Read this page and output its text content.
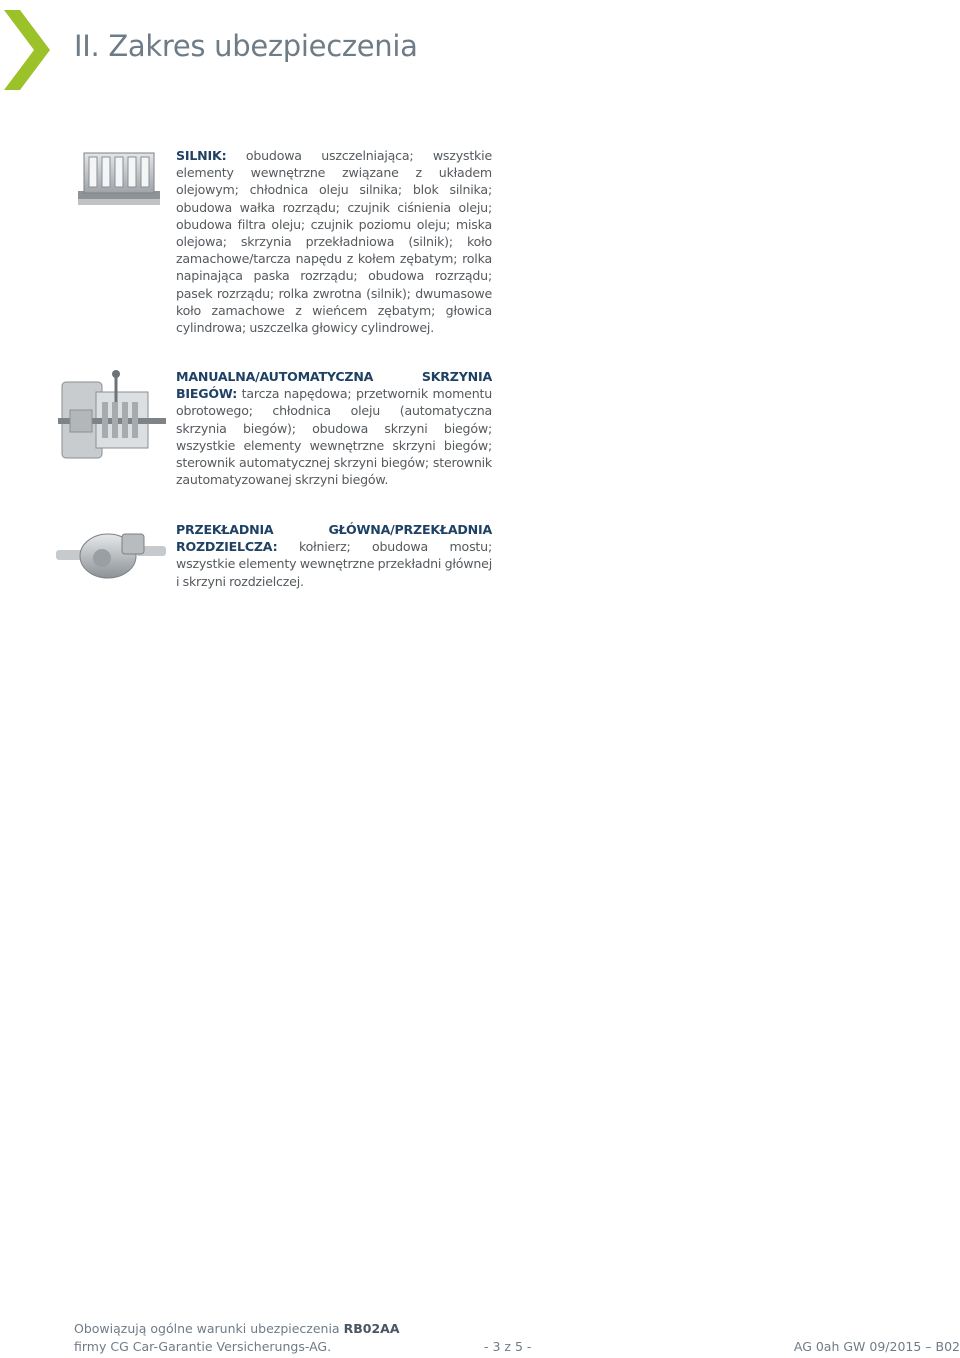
II. Zakres ubezpieczenia

SILNIK: obudowa uszczelniająca; wszystkie elementy wewnętrzne związane z układem olejowym; chłodnica oleju silnika; blok silnika; obudowa wałka rozrządu; czujnik ciśnienia oleju; obudowa filtra oleju; czujnik poziomu oleju; miska olejowa; skrzynia przekładniowa (silnik); koło zamachowe/tarcza napędu z kołem zębatym; rolka napinająca paska rozrządu; obudowa rozrządu; pasek rozrządu; rolka zwrotna (silnik); dwumasowe koło zamachowe z wieńcem zębatym; głowica cylindrowa; uszczelka głowicy cylindrowej.

MANUALNA/AUTOMATYCZNA SKRZYNIA BIEGÓW: tarcza napędowa; przetwornik momentu obrotowego; chłodnica oleju (automatyczna skrzynia biegów); obudowa skrzyni biegów; wszystkie elementy wewnętrzne skrzyni biegów; sterownik automatycznej skrzyni biegów; sterownik zautomatyzowanej skrzyni biegów.

PRZEKŁADNIA GŁÓWNA/PRZEKŁADNIA ROZDZIELCZA: kołnierz; obudowa mostu; wszystkie elementy wewnętrzne przekładni głównej i skrzyni rozdzielczej.

Obowiązują ogólne warunki ubezpieczenia RB02AA
firmy CG Car-Garantie Versicherungs-AG.	- 3 z 5 -	AG 0ah GW 09/2015 – B02
